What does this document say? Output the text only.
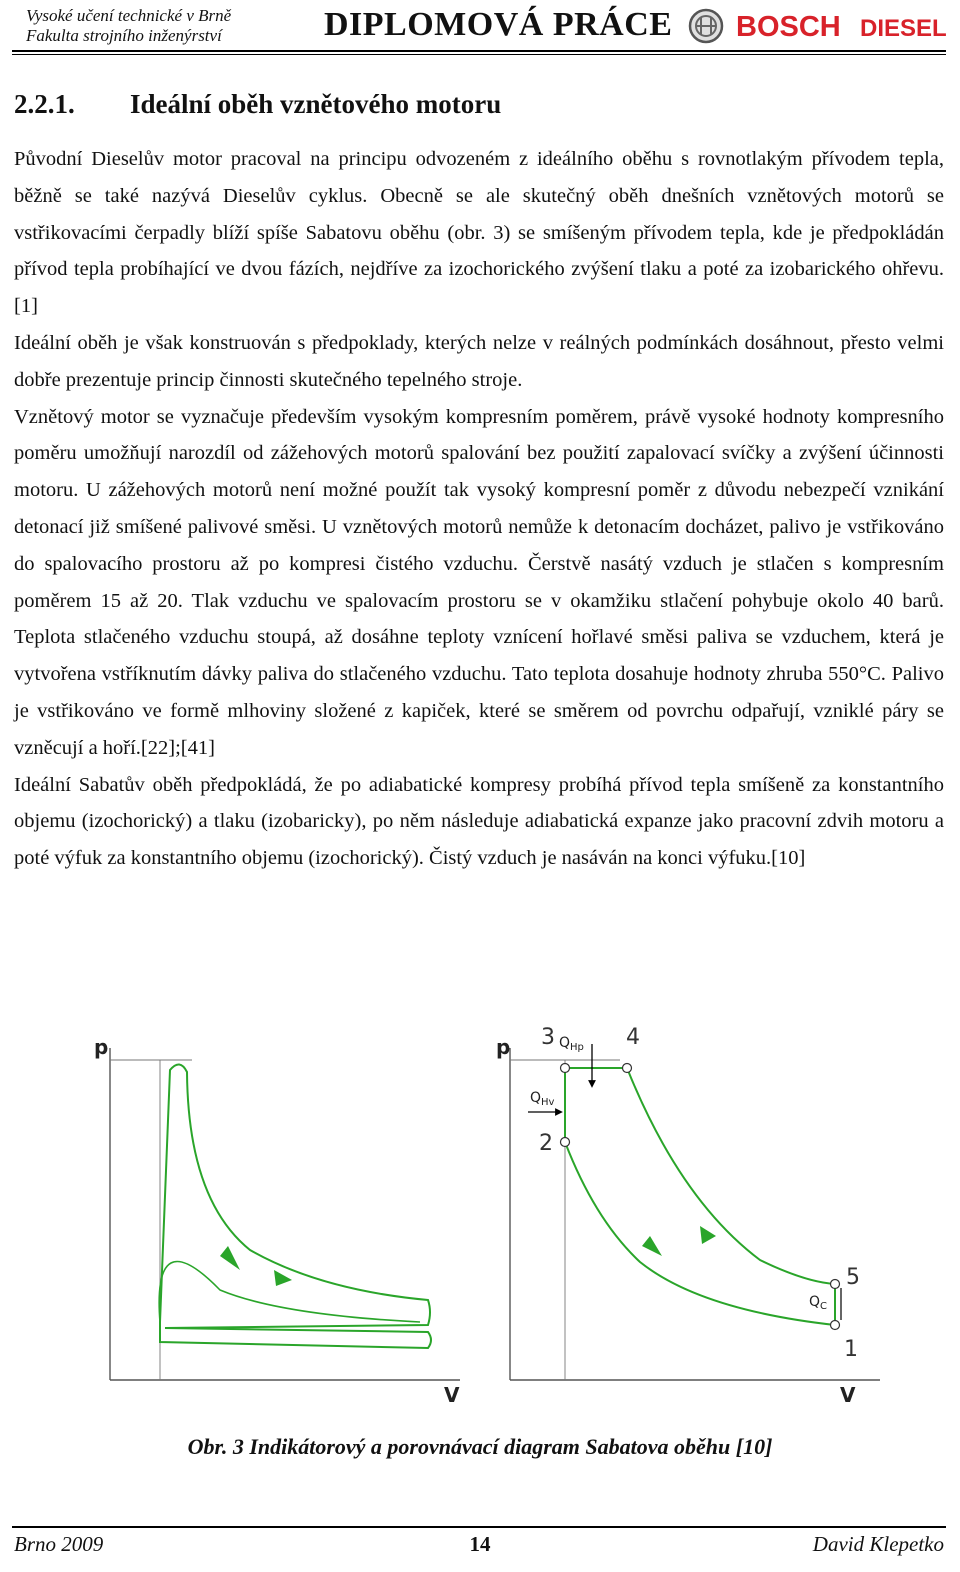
Vysoké učení technické v Brně
Fakulta strojního inženýrství	DIPLOMOVÁ PRÁCE BOSCH DIESEL
2.2.1. Ideální oběh vznětového motoru

Původní Dieselův motor pracoval na principu odvozeném z ideálního oběhu s rovnotlakým přívodem tepla, běžně se také nazývá Dieselův cyklus. Obecně se ale skutečný oběh dnešních vznětových motorů se vstřikovacími čerpadly blíží spíše Sabatovu oběhu (obr. 3) se smíšeným přívodem tepla, kde je předpokládán přívod tepla probíhající ve dvou fázích, nejdříve za izochorického zvýšení tlaku a poté za izobarického ohřevu.[1]

Ideální oběh je však konstruován s předpoklady, kterých nelze v reálných podmínkách dosáhnout, přesto velmi dobře prezentuje princip činnosti skutečného tepelného stroje.

Vznětový motor se vyznačuje především vysokým kompresním poměrem, právě vysoké hodnoty kompresního poměru umožňují narozdíl od zážehových motorů spalování bez použití zapalovací svíčky a zvýšení účinnosti motoru. U zážehových motorů není možné použít tak vysoký kompresní poměr z důvodu nebezpečí vznikání detonací již smíšené palivové směsi. U vznětových motorů nemůže k detonacím docházet, palivo je vstřikováno do spalovacího prostoru až po kompresi čistého vzduchu. Čerstvě nasátý vzduch je stlačen s kompresním poměrem 15 až 20. Tlak vzduchu ve spalovacím prostoru se v okamžiku stlačení pohybuje okolo 40 barů. Teplota stlačeného vzduchu stoupá, až dosáhne teploty vznícení hořlavé směsi paliva se vzduchem, která je vytvořena vstříknutím dávky paliva do stlačeného vzduchu. Tato teplota dosahuje hodnoty zhruba 550°C. Palivo je vstřikováno ve formě mlhoviny složené z kapiček, které se směrem od povrchu odpařují, vzniklé páry se vzněcují a hoří.[22];[41]

Ideální Sabatův oběh předpokládá, že po adiabatické kompresy probíhá přívod tepla smíšeně za konstantního objemu (izochorický) a tlaku (izobaricky), po něm následuje adiabatická expanze jako pracovní zdvih motoru a poté výfuk za konstantního objemu (izochorický). Čistý vzduch je nasáván na konci výfuku.[10]

p
V
p
V
3	4
2
5
1
$Q_{Hp}$
$Q_{Hv}$
$Q_C$
Obr. 3 Indikátorový a porovnávací diagram Sabatova oběhu [10]
Brno 2009	14	David Klepetko
